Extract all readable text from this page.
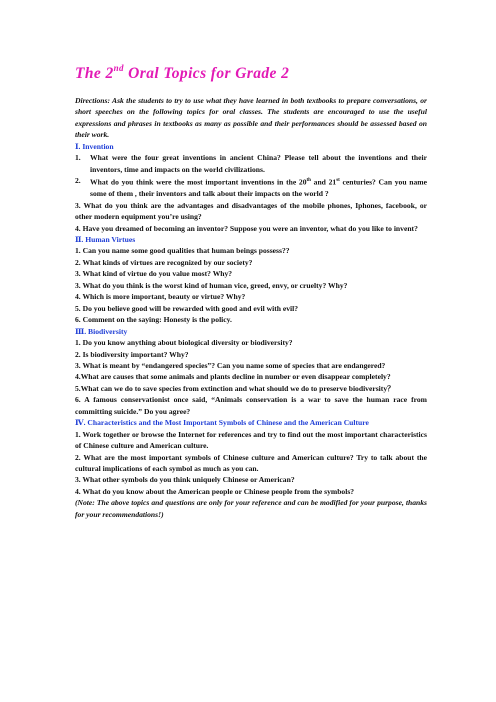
The 2nd Oral Topics for Grade 2

Directions: Ask the students to try to use what they have learned in both textbooks to prepare conversations, or short speeches on the following topics for oral classes. The students are encouraged to use the useful expressions and phrases in textbooks as many as possible and their performances should be assessed based on their work.

Ⅰ. Invention
1.	What were the four great inventions in ancient China? Please tell about the inventions and their inventors, time and impacts on the world civilizations.
2.	What do you think were the most important inventions in the 20th and 21st centuries? Can you name some of them , their inventors and talk about their impacts on the world ?

3. What do you think are the advantages and disadvantages of the mobile phones, Iphones, facebook, or other modern equipment you’re using?

4. Have you dreamed of becoming an inventor? Suppose you were an inventor, what do you like to invent?

Ⅱ. Human Virtues

1. Can you name some good qualities that human beings possess??

2. What kinds of virtues are recognized by our society?

3. What kind of virtue do you value most? Why?

3. What do you think is the worst kind of human vice, greed, envy, or cruelty? Why?

4. Which is more important, beauty or virtue? Why?

5. Do you believe good will be rewarded with good and evil with evil?

6. Comment on the saying: Honesty is the policy.

Ⅲ. Biodiversity

1. Do you know anything about biological diversity or biodiversity?

2. Is biodiversity important? Why?

3. What is meant by “endangered species”? Can you name some of species that are endangered?

4.What are causes that some animals and plants decline in number or even disappear completely?

5.What can we do to save species from extinction and what should we do to preserve biodiversity？

6. A famous conservationist once said, “Animals conservation is a war to save the human race from committing suicide.” Do you agree?

Ⅳ. Characteristics and the Most Important Symbols of Chinese and the American Culture

1. Work together or browse the Internet for references and try to find out the most important characteristics of Chinese culture and American culture.

2. What are the most important symbols of Chinese culture and American culture? Try to talk about the cultural implications of each symbol as much as you can.

3. What other symbols do you think uniquely Chinese or American?

4. What do you know about the American people or Chinese people from the symbols?

(Note: The above topics and questions are only for your reference and can be modified for your purpose, thanks for your recommendations!)
